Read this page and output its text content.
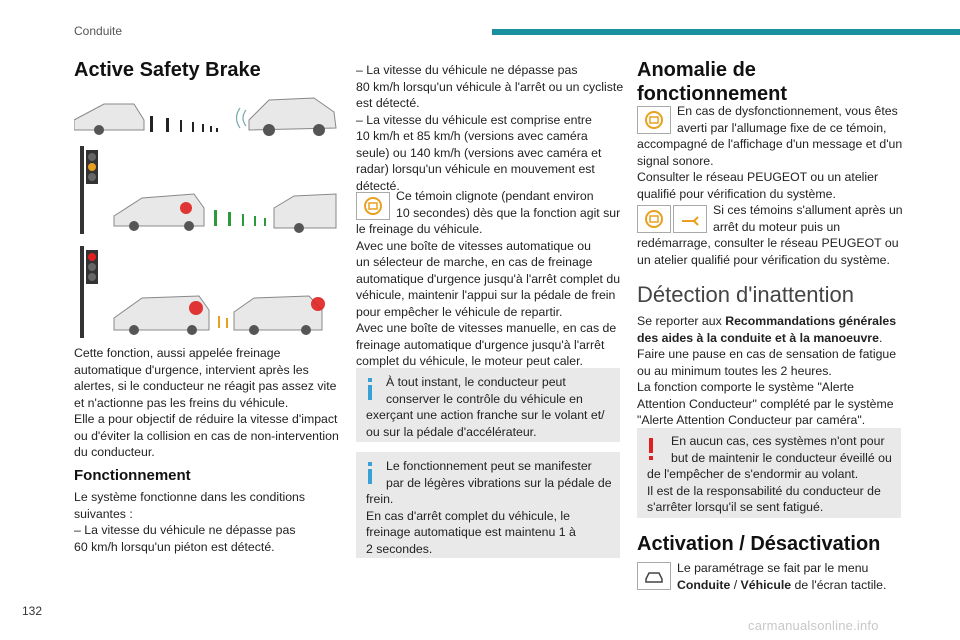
Conduite
132
carmanualsonline.info
Active Safety Brake
Cette fonction, aussi appelée freinage
automatique d'urgence, intervient après les
alertes, si le conducteur ne réagit pas assez vite
et n'actionne pas les freins du véhicule.
Elle a pour objectif de réduire la vitesse d'impact
ou d'éviter la collision en cas de non-intervention
du conducteur.
Fonctionnement
Le système fonctionne dans les conditions
suivantes :
– La vitesse du véhicule ne dépasse pas
60 km/h lorsqu'un piéton est détecté.
– La vitesse du véhicule ne dépasse pas
80 km/h lorsqu'un véhicule à l'arrêt ou un cycliste
est détecté.
– La vitesse du véhicule est comprise entre
10 km/h et 85 km/h (versions avec caméra
seule) ou 140 km/h (versions avec caméra et
radar) lorsqu'un véhicule en mouvement est
détecté.
Ce témoin clignote (pendant environ
10 secondes) dès que la fonction agit sur
le freinage du véhicule.
Avec une boîte de vitesses automatique ou
un sélecteur de marche, en cas de freinage
automatique d'urgence jusqu'à l'arrêt complet du
véhicule, maintenir l'appui sur la pédale de frein
pour empêcher le véhicule de repartir.
Avec une boîte de vitesses manuelle, en cas de
freinage automatique d'urgence jusqu'à l'arrêt
complet du véhicule, le moteur peut caler.
À tout instant, le conducteur peut
conserver le contrôle du véhicule en
exerçant une action franche sur le volant et/
ou sur la pédale d'accélérateur.
Le fonctionnement peut se manifester
par de légères vibrations sur la pédale de
frein.
En cas d'arrêt complet du véhicule, le
freinage automatique est maintenu 1 à
2 secondes.
Anomalie de
fonctionnement
En cas de dysfonctionnement, vous êtes
averti par l'allumage fixe de ce témoin,
accompagné de l'affichage d'un message et d'un
signal sonore.
Consulter le réseau PEUGEOT ou un atelier
qualifié pour vérification du système.
Si ces témoins s'allument après un
arrêt du moteur puis un
redémarrage, consulter le réseau PEUGEOT ou
un atelier qualifié pour vérification du système.
Détection d'inattention
Se reporter aux Recommandations générales
des aides à la conduite et à la manoeuvre.
Faire une pause en cas de sensation de fatigue
ou au minimum toutes les 2 heures.
La fonction comporte le système "Alerte
Attention Conducteur" complété par le système
"Alerte Attention Conducteur par caméra".
En aucun cas, ces systèmes n'ont pour
but de maintenir le conducteur éveillé ou
de l'empêcher de s'endormir au volant.
Il est de la responsabilité du conducteur de
s'arrêter lorsqu'il se sent fatigué.
Activation / Désactivation
Le paramétrage se fait par le menu
Conduite / Véhicule de l'écran tactile.
